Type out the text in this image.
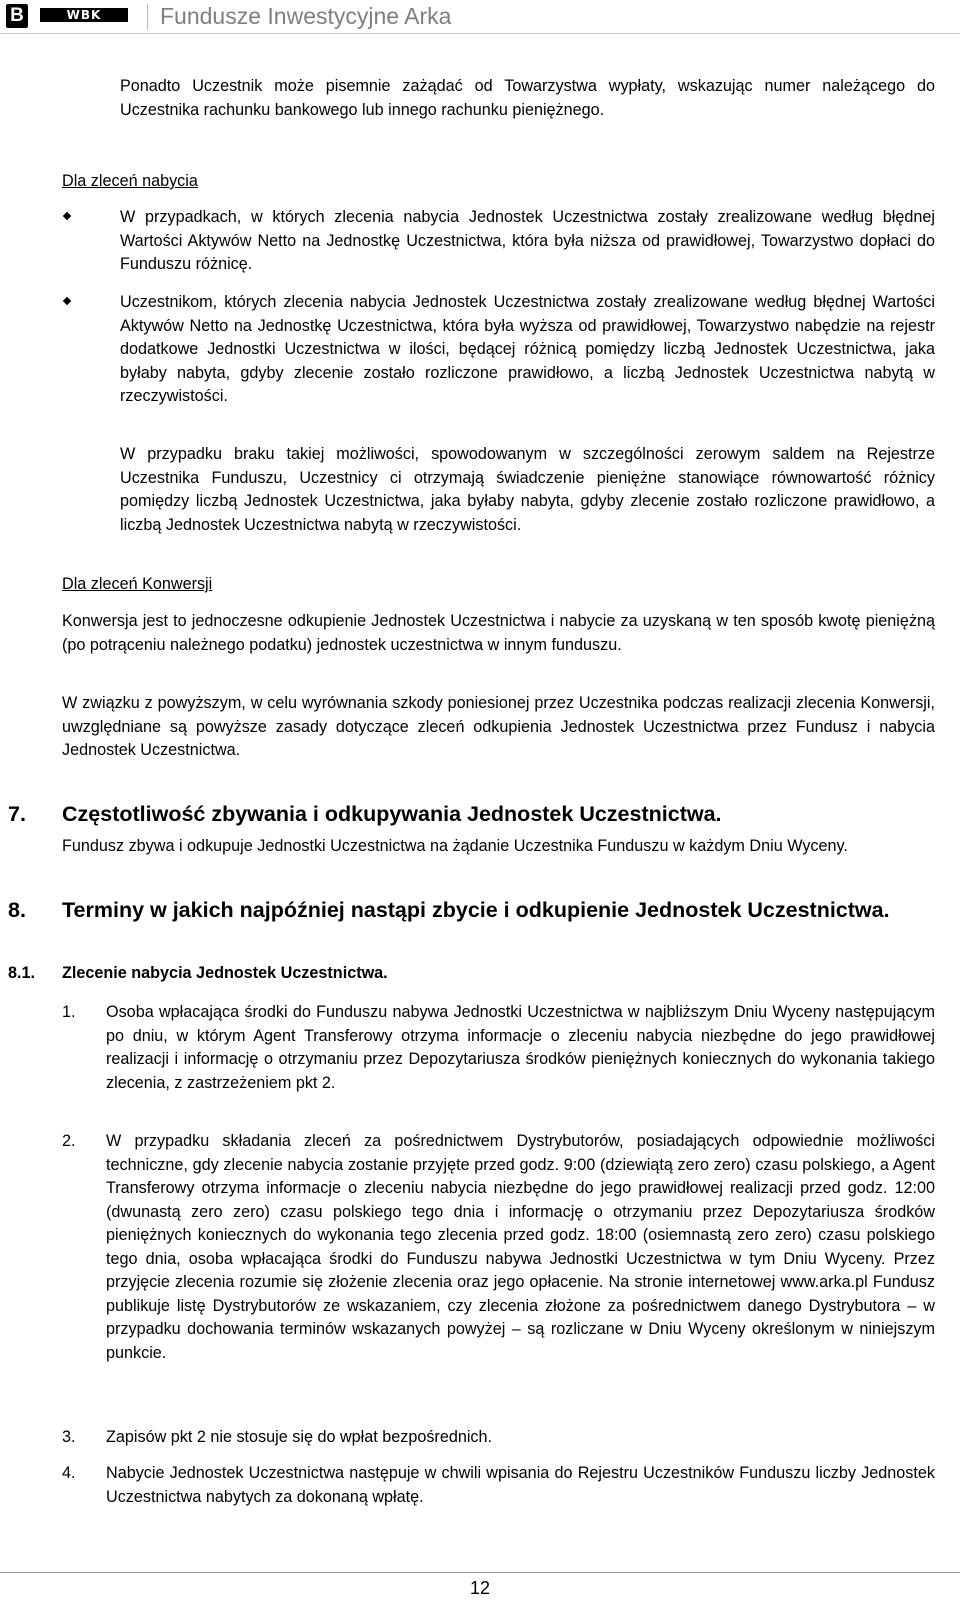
B	WBK	Fundusze Inwestycyjne Arka
Ponadto Uczestnik może pisemnie zażądać od Towarzystwa wypłaty, wskazując numer należącego do Uczestnika rachunku bankowego lub innego rachunku pieniężnego.
Dla zleceń nabycia
W przypadkach, w których zlecenia nabycia Jednostek Uczestnictwa zostały zrealizowane według błędnej Wartości Aktywów Netto na Jednostkę Uczestnictwa, która była niższa od prawidłowej, Towarzystwo dopłaci do Funduszu różnicę.
Uczestnikom, których zlecenia nabycia Jednostek Uczestnictwa zostały zrealizowane według błędnej Wartości Aktywów Netto na Jednostkę Uczestnictwa, która była wyższa od prawidłowej, Towarzystwo nabędzie na rejestr dodatkowe Jednostki Uczestnictwa w ilości, będącej różnicą pomiędzy liczbą Jednostek Uczestnictwa, jaka byłaby nabyta, gdyby zlecenie zostało rozliczone prawidłowo, a liczbą Jednostek Uczestnictwa nabytą w rzeczywistości.
W przypadku braku takiej możliwości, spowodowanym w szczególności zerowym saldem na Rejestrze Uczestnika Funduszu, Uczestnicy ci otrzymają świadczenie pieniężne stanowiące równowartość różnicy pomiędzy liczbą Jednostek Uczestnictwa, jaka byłaby nabyta, gdyby zlecenie zostało rozliczone prawidłowo, a liczbą Jednostek Uczestnictwa nabytą w rzeczywistości.
Dla zleceń Konwersji
Konwersja jest to jednoczesne odkupienie Jednostek Uczestnictwa i nabycie za uzyskaną w ten sposób kwotę pieniężną (po potrąceniu należnego podatku) jednostek uczestnictwa w innym funduszu.
W związku z powyższym, w celu wyrównania szkody poniesionej przez Uczestnika podczas realizacji zlecenia Konwersji, uwzględniane są powyższe zasady dotyczące zleceń odkupienia Jednostek Uczestnictwa przez Fundusz i nabycia Jednostek Uczestnictwa.
7. Częstotliwość zbywania i odkupywania Jednostek Uczestnictwa.
Fundusz zbywa i odkupuje Jednostki Uczestnictwa na żądanie Uczestnika Funduszu w każdym Dniu Wyceny.
8. Terminy w jakich najpóźniej nastąpi zbycie i odkupienie Jednostek Uczestnictwa.
8.1. Zlecenie nabycia Jednostek Uczestnictwa.
1. Osoba wpłacająca środki do Funduszu nabywa Jednostki Uczestnictwa w najbliższym Dniu Wyceny następującym po dniu, w którym Agent Transferowy otrzyma informacje o zleceniu nabycia niezbędne do jego prawidłowej realizacji i informację o otrzymaniu przez Depozytariusza środków pieniężnych koniecznych do wykonania takiego zlecenia, z zastrzeżeniem pkt 2.
2. W przypadku składania zleceń za pośrednictwem Dystrybutorów, posiadających odpowiednie możliwości techniczne, gdy zlecenie nabycia zostanie przyjęte przed godz. 9:00 (dziewiątą zero zero) czasu polskiego, a Agent Transferowy otrzyma informacje o zleceniu nabycia niezbędne do jego prawidłowej realizacji przed godz. 12:00 (dwunastą zero zero) czasu polskiego tego dnia i informację o otrzymaniu przez Depozytariusza środków pieniężnych koniecznych do wykonania tego zlecenia przed godz. 18:00 (osiemnastą zero zero) czasu polskiego tego dnia, osoba wpłacająca środki do Funduszu nabywa Jednostki Uczestnictwa w tym Dniu Wyceny. Przez przyjęcie zlecenia rozumie się złożenie zlecenia oraz jego opłacenie. Na stronie internetowej www.arka.pl Fundusz publikuje listę Dystrybutorów ze wskazaniem, czy zlecenia złożone za pośrednictwem danego Dystrybutora – w przypadku dochowania terminów wskazanych powyżej – są rozliczane w Dniu Wyceny określonym w niniejszym punkcie.
3. Zapisów pkt 2 nie stosuje się do wpłat bezpośrednich.
4. Nabycie Jednostek Uczestnictwa następuje w chwili wpisania do Rejestru Uczestników Funduszu liczby Jednostek Uczestnictwa nabytych za dokonaną wpłatę.
12
